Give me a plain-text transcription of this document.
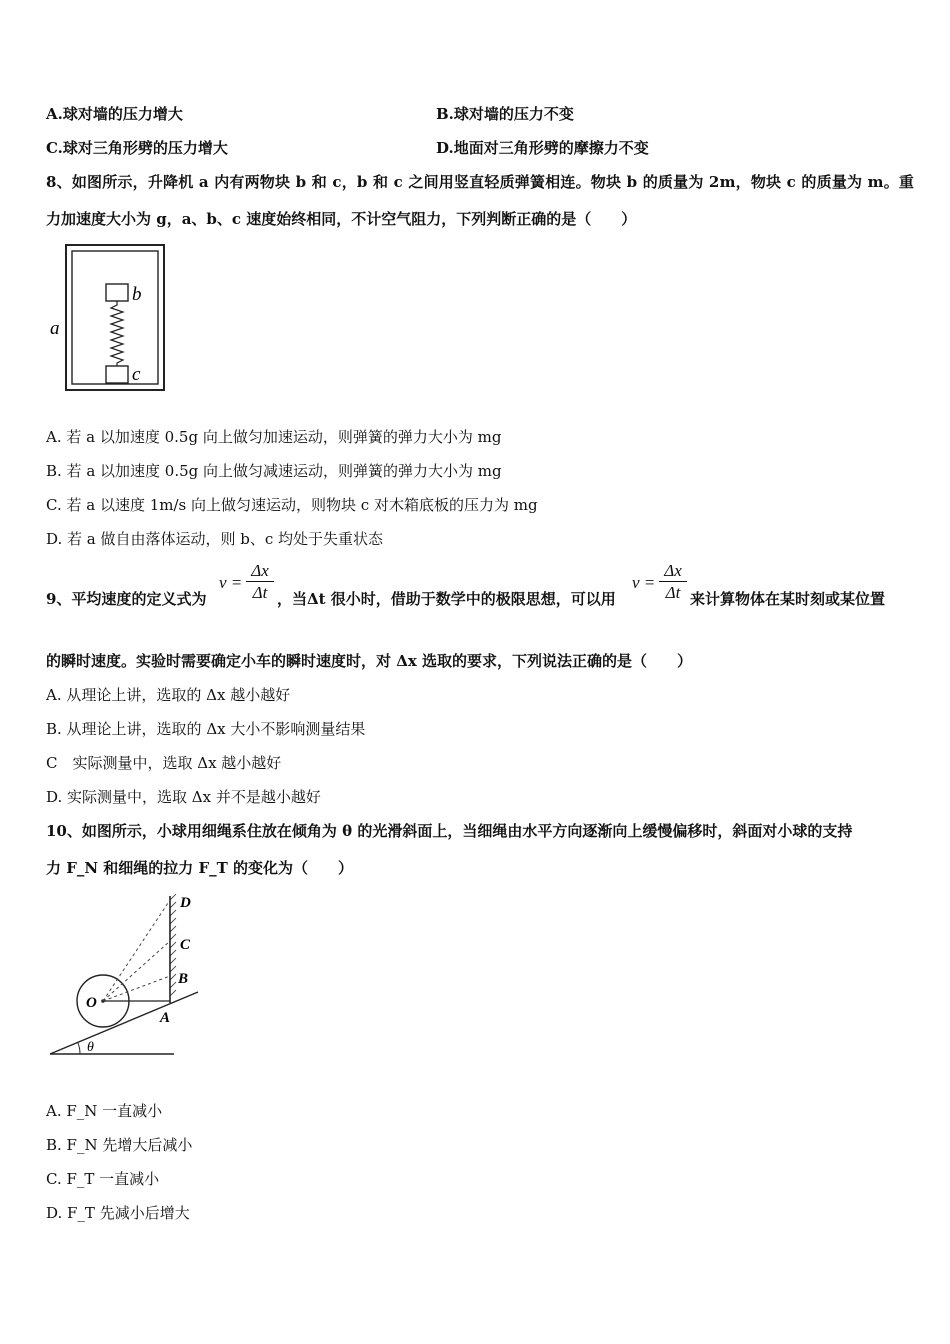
A.球对墙的压力增大	B.球对墙的压力不变
C.球对三角形劈的压力增大	D.地面对三角形劈的摩擦力不变
8、如图所示，升降机 a 内有两物块 b 和 c，b 和 c 之间用竖直轻质弹簧相连。物块 b 的质量为 2m，物块 c 的质量为 m。重
力加速度大小为 g，a、b、c 速度始终相同，不计空气阻力，下列判断正确的是（　　）
a
b
c
A. 若 a 以加速度 0.5g 向上做匀加速运动，则弹簧的弹力大小为 mg
B. 若 a 以加速度 0.5g 向上做匀减速运动，则弹簧的弹力大小为 mg
C. 若 a 以速度 1m/s 向上做匀速运动，则物块 c 对木箱底板的压力为 mg
D. 若 a 做自由落体运动，则 b、c 均处于失重状态
9、平均速度的定义式为
$v = \frac{\Delta x}{\Delta t}$ ，当Δt 很小时，借助于数学中的极限思想，可以用
$v = \frac{\Delta x}{\Delta t}$ 来计算物体在某时刻或某位置
的瞬时速度。实验时需要确定小车的瞬时速度时，对 Δx 选取的要求，下列说法正确的是（　　）
A. 从理论上讲，选取的 Δx 越小越好
B. 从理论上讲，选取的 Δx 大小不影响测量结果
C　实际测量中，选取 Δx 越小越好
D. 实际测量中，选取 Δx 并不是越小越好
10、如图所示，小球用细绳系住放在倾角为 θ 的光滑斜面上，当细绳由水平方向逐渐向上缓慢偏移时，斜面对小球的支持
力 F_N 和细绳的拉力 F_T 的变化为（　　）
θ
D
C
B
A
O
A. F_N 一直减小
B. F_N 先增大后减小
C. F_T 一直减小
D. F_T 先减小后增大
